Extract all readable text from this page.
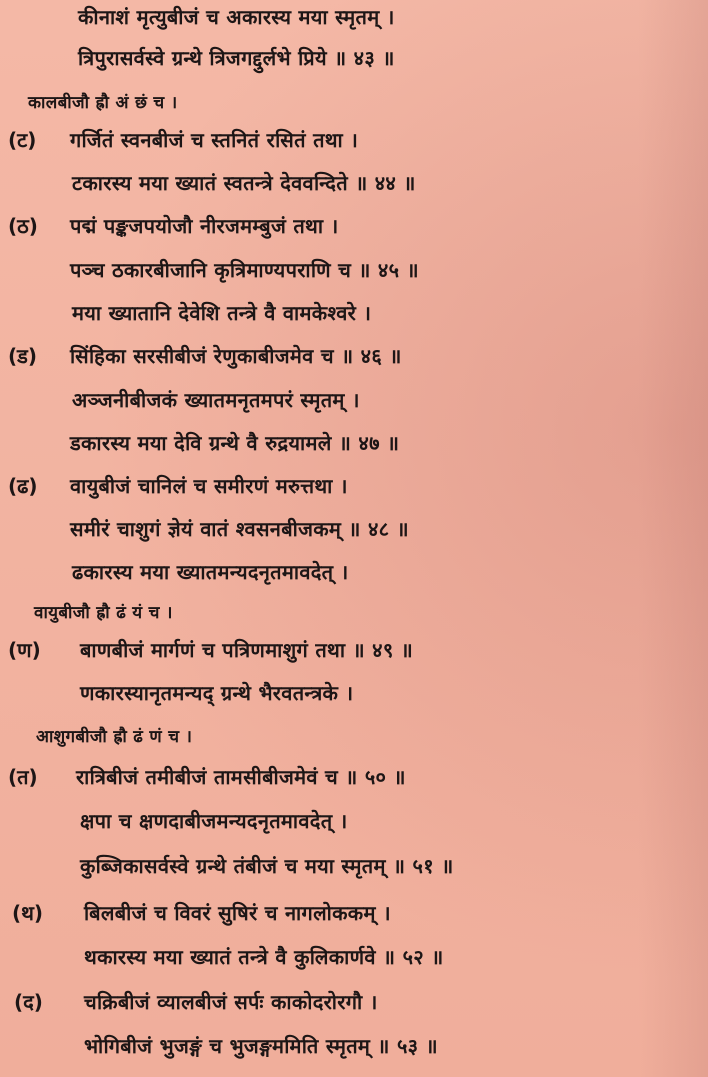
कीनाशं मृत्युबीजं च अकारस्य मया स्मृतम् ।
त्रिपुरासर्वस्वे ग्रन्थे त्रिजगद्दुर्लभे प्रिये ॥ ४३ ॥
कालबीजौ ह्रौ अं छं च ।
(ट) गर्जितं स्वनबीजं च स्तनितं रसितं तथा ।
टकारस्य मया ख्यातं स्वतन्त्रे देववन्दिते ॥ ४४ ॥
(ठ) पद्मं पङ्कजपयोजौ नीरजमम्बुजं तथा ।
पञ्च ठकारबीजानि कृत्रिमाण्यपराणि च ॥ ४५ ॥
मया ख्यातानि देवेशि तन्त्रे वै वामकेश्वरे ।
(ड) सिंहिका सरसीबीजं रेणुकाबीजमेव च ॥ ४६ ॥
अञ्जनीबीजकं ख्यातमनृतमपरं स्मृतम् ।
डकारस्य मया देवि ग्रन्थे वै रुद्रयामले ॥ ४७ ॥
(ढ) वायुबीजं चानिलं च समीरणं मरुत्तथा ।
समीरं चाशुगं ज्ञेयं वातं श्वसनबीजकम् ॥ ४८ ॥
ढकारस्य मया ख्यातमन्यदनृतमावदेत् ।
वायुबीजौ ह्रौ ढं यं च ।
(ण) बाणबीजं मार्गणं च पत्रिणमाशुगं तथा ॥ ४९ ॥
णकारस्यानृतमन्यद् ग्रन्थे भैरवतन्त्रके ।
आशुगबीजौ ह्रौ ढं णं च ।
(त) रात्रिबीजं तमीबीजं तामसीबीजमेवं च ॥ ५० ॥
क्षपा च क्षणदाबीजमन्यदनृतमावदेत् ।
कुब्जिकासर्वस्वे ग्रन्थे तंबीजं च मया स्मृतम् ॥ ५१ ॥
(थ) बिलबीजं च विवरं सुषिरं च नागलोककम् ।
थकारस्य मया ख्यातं तन्त्रे वै कुलिकार्णवे ॥ ५२ ॥
(द) चक्रिबीजं व्यालबीजं सर्पः काकोदरोरगौ ।
भोगिबीजं भुजङ्गं च भुजङ्गममिति स्मृतम् ॥ ५३ ॥
